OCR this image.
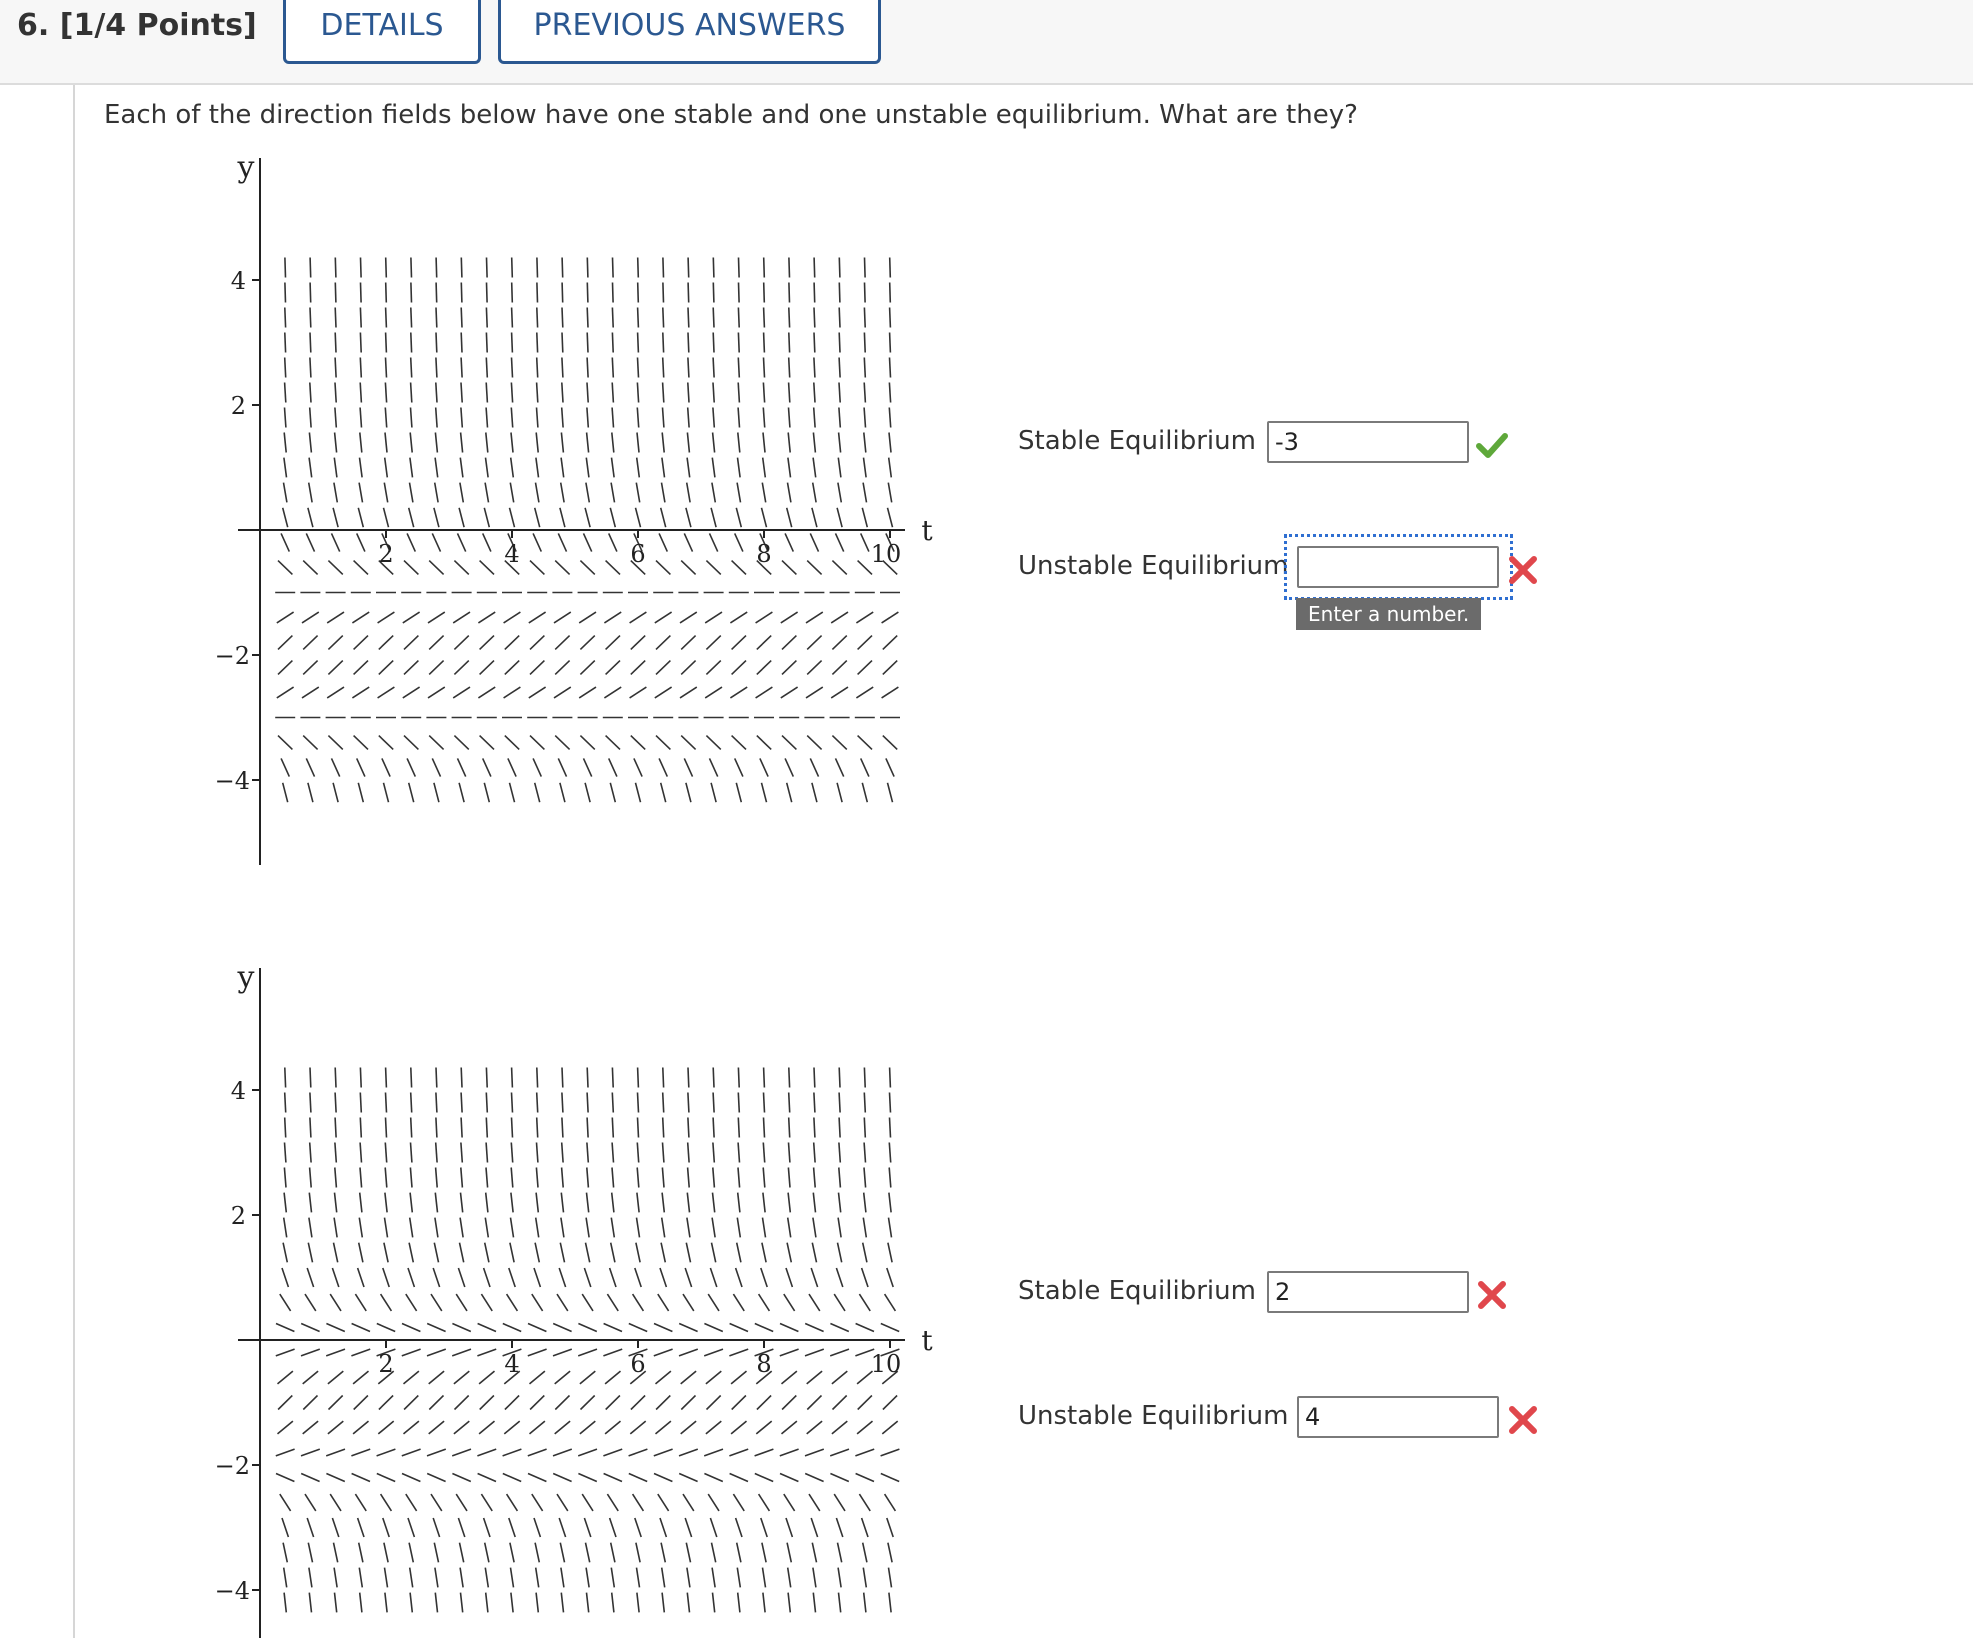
6. [1/4 Points]	DETAILS	PREVIOUS ANSWERS
Each of the direction fields below have one stable and one unstable equilibrium. What are they?
y
t
4
2
−2
−4
2	4	6	8	10
y
t
4
2
−2
−4
2	4	6	8	10
Stable Equilibrium
-3
Unstable Equilibrium
Enter a number.
Stable Equilibrium
2
Unstable Equilibrium
4
